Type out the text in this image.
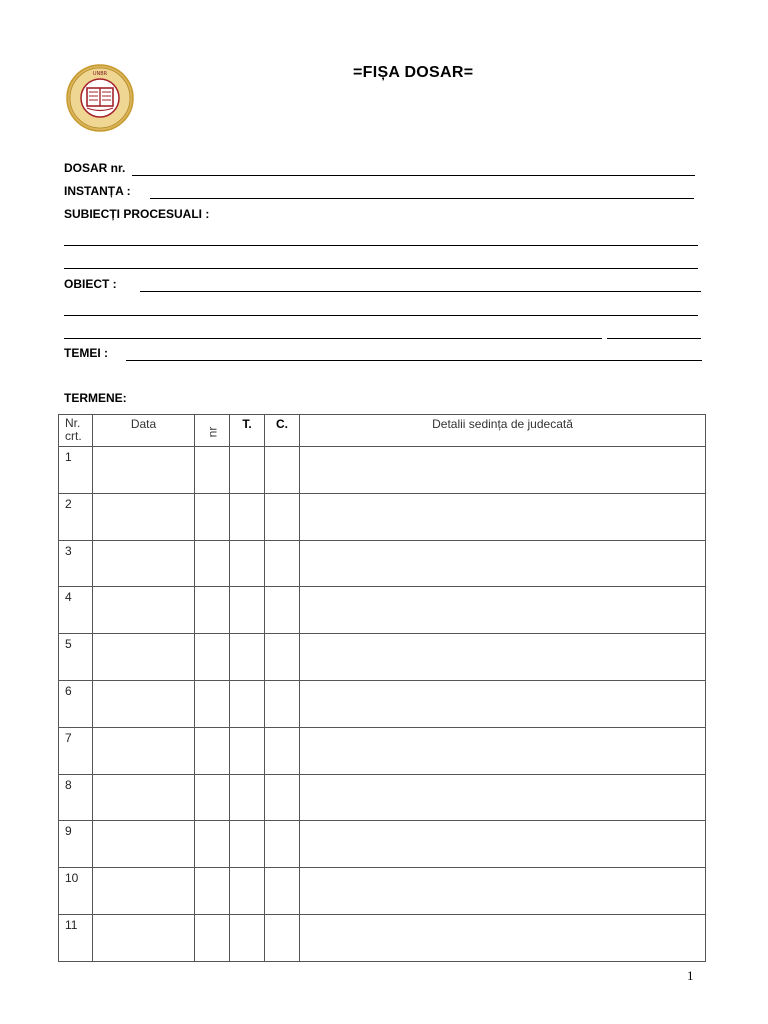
UNBR	=FIȘA DOSAR=
DOSAR nr.
INSTANȚA :
SUBIECȚI PROCESUALI :
OBIECT :
TEMEI :
TERMENE:
Nr.
crt.	Data	nr	T.	C.	Detalii sedința de judecată

1					

2					

3					

4					

5					

6					

7					

8					

9					

10					

11					

1
